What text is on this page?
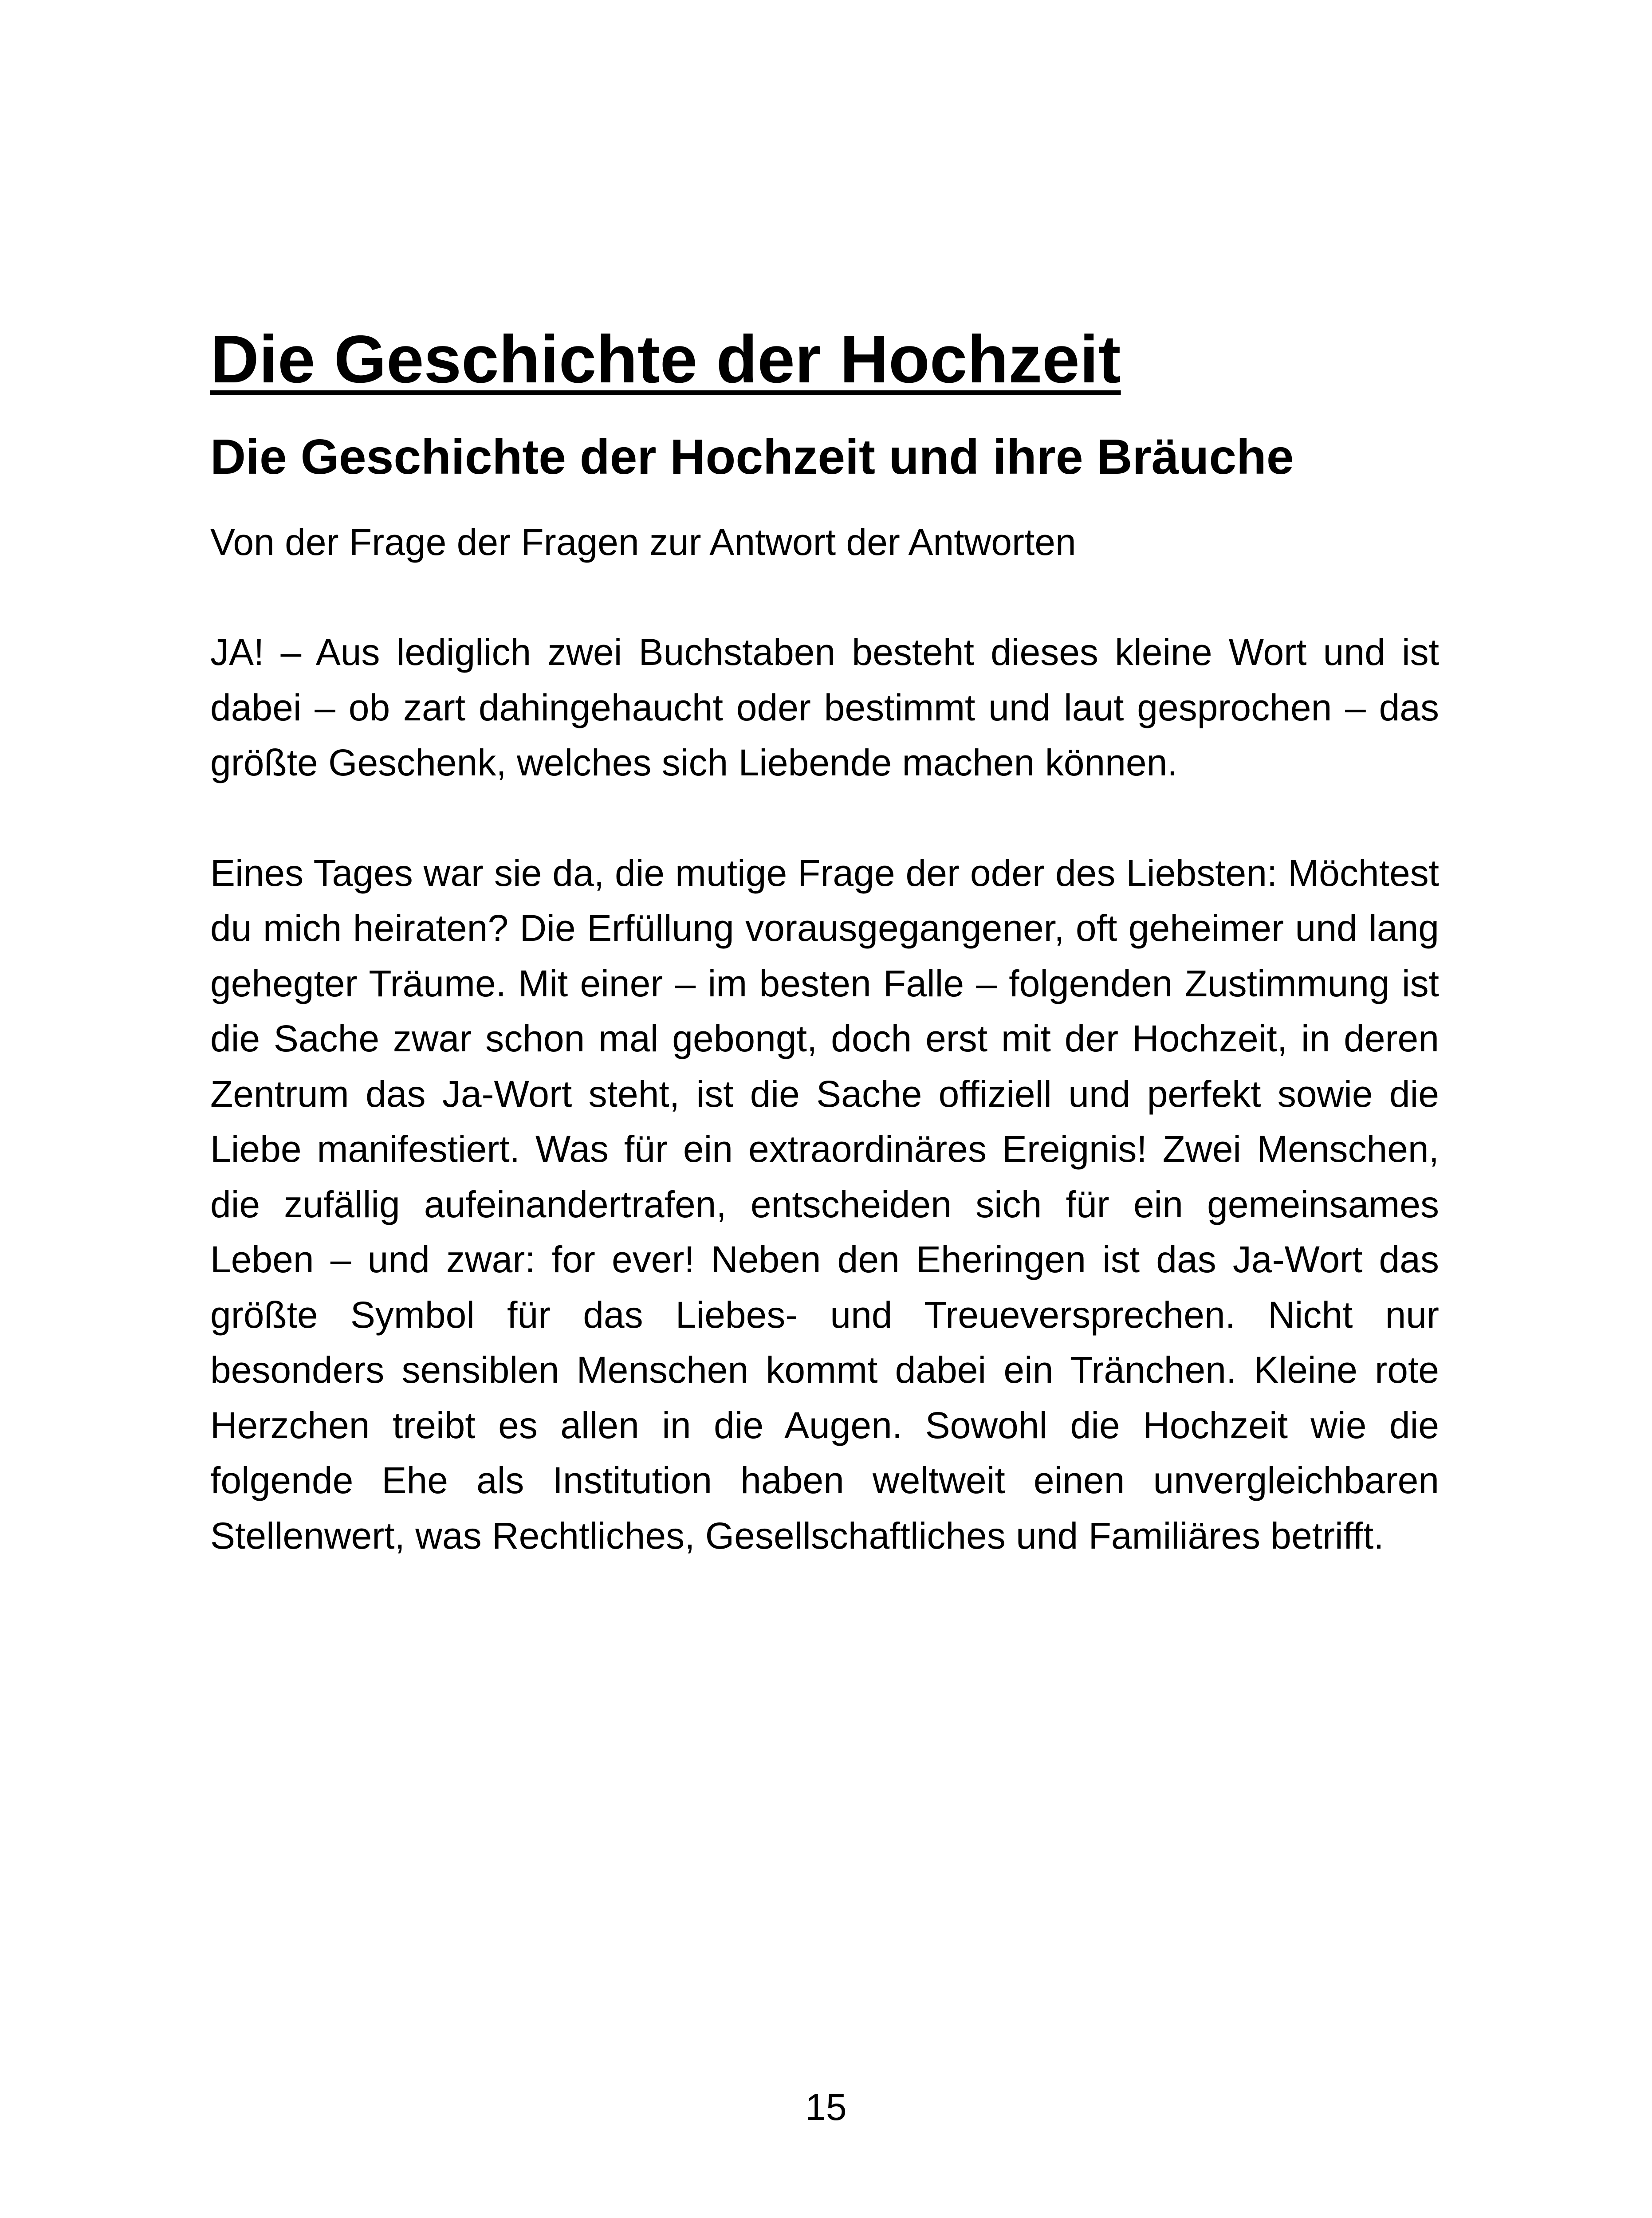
Die Geschichte der Hochzeit
Die Geschichte der Hochzeit und ihre Bräuche

Von der Frage der Fragen zur Antwort der Antworten

JA! – Aus lediglich zwei Buchstaben besteht dieses kleine Wort und ist dabei – ob zart dahingehaucht oder bestimmt und laut gesprochen – das größte Geschenk, welches sich Liebende machen können.

Eines Tages war sie da, die mutige Frage der oder des Liebsten: Möchtest du mich heiraten? Die Erfüllung vorausgegangener, oft geheimer und lang gehegter Träume. Mit einer – im besten Falle – folgenden Zustimmung ist die Sache zwar schon mal gebongt, doch erst mit der Hochzeit, in deren Zentrum das Ja-Wort steht, ist die Sache offiziell und perfekt sowie die Liebe manifestiert. Was für ein extraordinäres Ereignis! Zwei Menschen, die zufällig aufeinandertrafen, entscheiden sich für ein gemeinsames Leben – und zwar: for ever! Neben den Eheringen ist das Ja-Wort das größte Symbol für das Liebes- und Treueversprechen. Nicht nur besonders sensiblen Menschen kommt dabei ein Tränchen. Kleine rote Herzchen treibt es allen in die Augen. Sowohl die Hochzeit wie die folgende Ehe als Institution haben weltweit einen unvergleichbaren Stellenwert, was Rechtliches, Gesellschaftliches und Familiäres betrifft.

15
